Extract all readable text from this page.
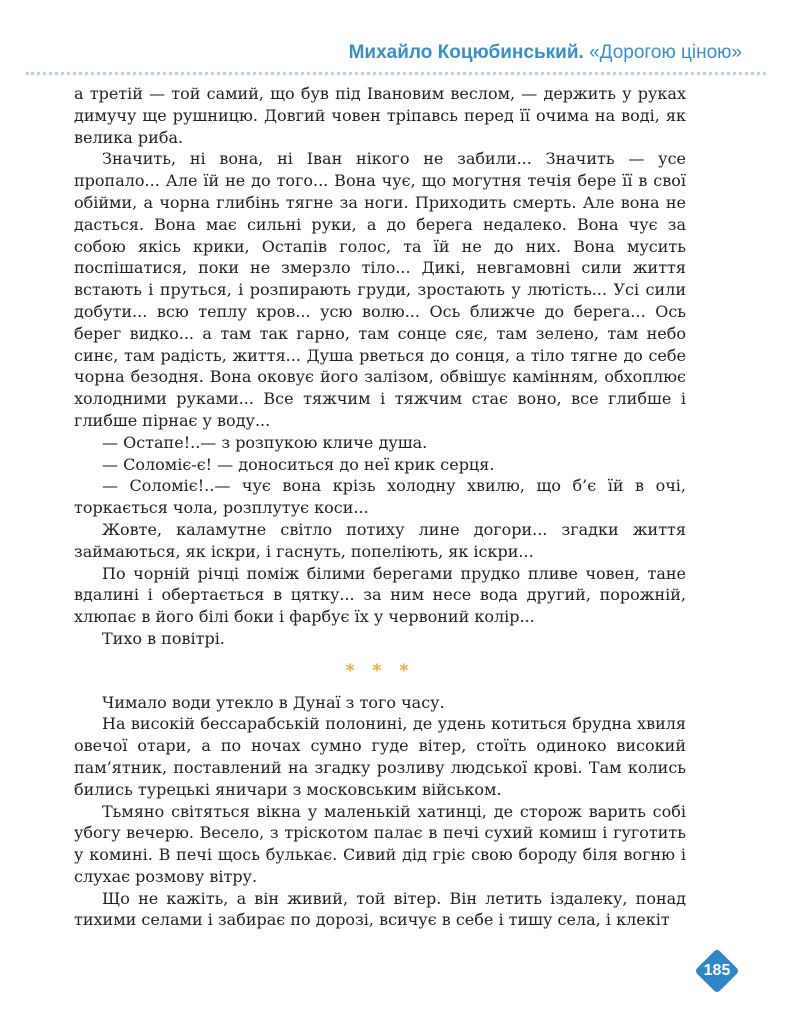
Михайло Коцюбинський. «Дорогою ціною»

а третій — той самий, що був під Івановим веслом, — держить у руках димучу ще рушницю. Довгий човен тріпавсь перед її очима на воді, як велика риба.

Значить, ні вона, ні Іван нікого не забили... Значить — усе пропало... Але їй не до того... Вона чує, що могутня течія бере її в свої обійми, а чорна глибінь тягне за ноги. Приходить смерть. Але вона не дасться. Вона має сильні руки, а до берега недалеко. Вона чує за собою якісь крики, Остапів голос, та їй не до них. Вона мусить поспішатися, поки не змерзло тіло... Дикі, невгамовні сили життя встають і пруться, і розпирають груди, зростають у лютість... Усі сили добути... всю теплу кров... усю волю... Ось ближче до берега... Ось берег видко... а там так гарно, там сонце сяє, там зелено, там небо синє, там радість, життя... Душа рветься до сонця, а тіло тягне до себе чорна безодня. Вона оковує його залізом, обвішує камінням, обхоплює холодними руками... Все тяжчим і тяжчим стає воно, все глибше і глибше пірнає у воду...

— Остапе!..— з розпукою кличе душа.

— Соломіє-є! — доноситься до неї крик серця.

— Соломіє!..— чує вона крізь холодну хвилю, що б’є їй в очі, торкається чола, розплутує коси...

Жовте, каламутне світло потиху лине догори... згадки життя займаються, як іскри, і гаснуть, попеліють, як іскри...

По чорній річці поміж білими берегами прудко пливе човен, тане вдалині і обертається в цятку... за ним несе вода другий, порожній, хлюпає в його білі боки і фарбує їх у червоний колір...

Тихо в повітрі.

* * *

Чимало води утекло в Дунаї з того часу.

На високій бессарабській полонині, де удень котиться брудна хвиля овечої отари, а по ночах сумно гуде вітер, стоїть одиноко високий пам’ятник, поставлений на згадку розливу людської крові. Там колись бились турецькі яничари з московським військом.

Тьмяно світяться вікна у маленькій хатинці, де сторож варить собі убогу вечерю. Весело, з тріскотом палає в печі сухий комиш і гуготить у комині. В печі щось булькає. Сивий дід гріє свою бороду біля вогню і слухає розмову вітру.

Що не кажіть, а він живий, той вітер. Він летить іздалеку, понад тихими селами і забирає по дорозі, всичує в себе і тишу села, і клекіт

185
